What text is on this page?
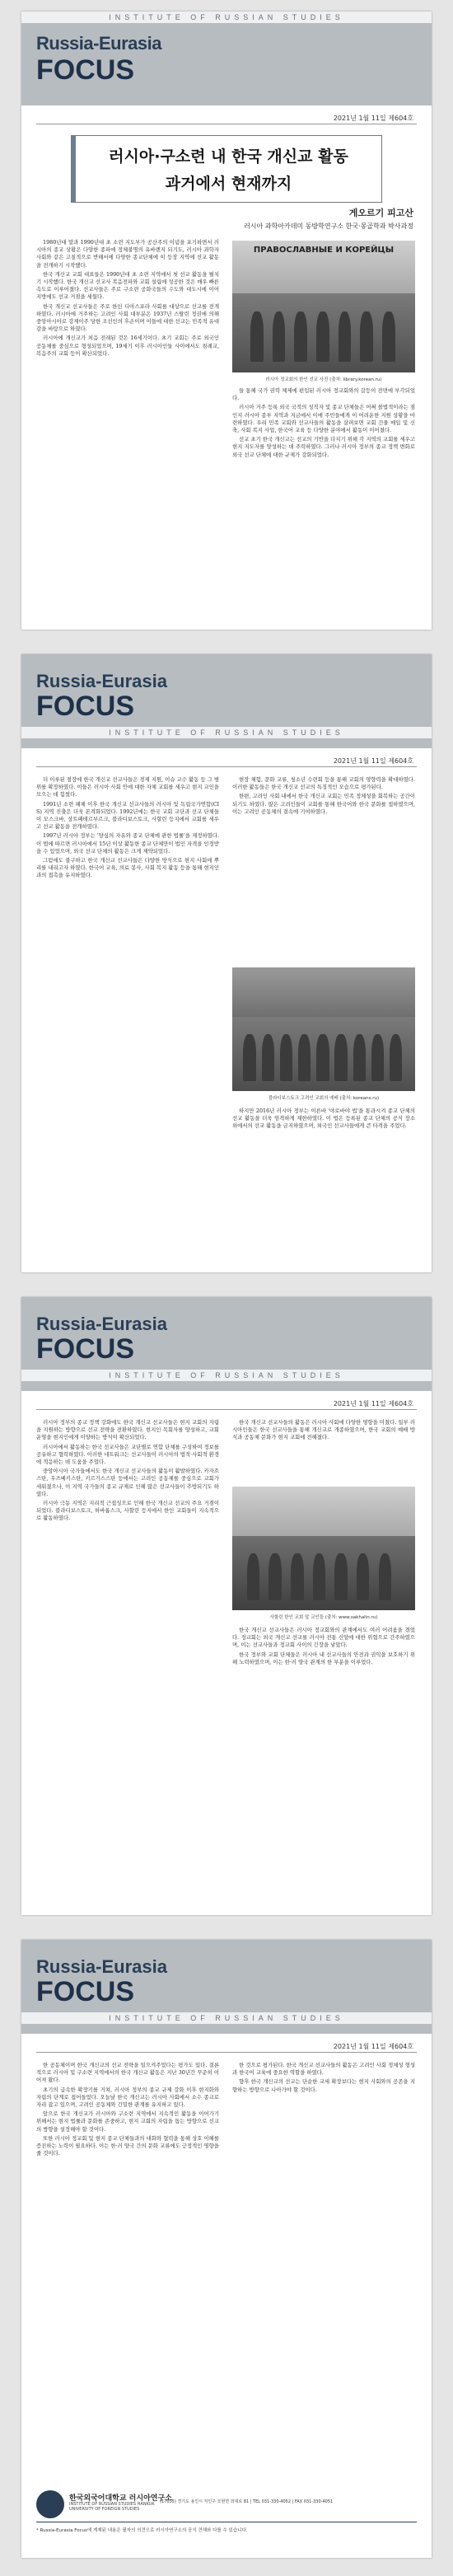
INSTITUTE OF RUSSIAN STUDIES
Russia-Eurasia
FOCUS
2021년 1월 11일 제604호
러시아·구소련 내 한국 개신교 활동
과거에서 현재까지
게오르기 피고산
러시아 과학아카데미 동방학연구소 한국·몽골학과 박사과정

1980년대 말과 1990년대 초 소련 지도부가 공산주의 이념을 포기하면서 러시아의 종교 상황은 다양한 종파에 정체불명의 유바렌지 되기도, 러시아 과학자 사회와 같은 고질적으로 반해서에 다양한 종교단체에 이 등장 지역에 선교 활동을 전개하기 시작했다.

한국 개신교 교회 대표들은 1990년대 초 소련 지역에서 첫 선교 활동을 펼치기 시작했다. 한국 개신교 선교사 복음전파와 교회 설립에 성공한 것은 매우 빠른 속도로 이루어졌다. 선교사들은 주로 구소련 공화국들의 수도와 대도시에 이어 지방에도 선교 거점을 세웠다.

한국 개신교 선교사들은 주로 한인 디아스포라 사회를 대상으로 선교를 전개하였다. 러시아에 거주하는 고려인 사회 대부분은 1937년 스탈린 정권에 의해 중앙아시아로 강제이주 당한 조선인의 후손이며 이들에 대한 선교는 민족적 유대감을 바탕으로 하였다.

러시아에 개신교가 처음 전래된 것은 16세기이다. 초기 교회는 주로 외국인 공동체를 중심으로 형성되었으며, 19세기 이후 러시아인들 사이에서도 침례교, 복음주의 교회 등이 확산되었다.

ПРАВОСЛАВНЫЕ И КОРЕЙЦЫ
러시아 정교회의 한인 선교 사진 (출처: library.korean.ru)

들 통해 국가 권력 체제에 편입된 러시아 정교회와의 갈등이 전면에 부각되었다.

러시아 거주 등록 외국 국적의 성직자 및 종교 단체들은 어쩌 볼법적이라는 점인지 러시아 종부 지역과 지금에서 이에 주민들에게 이 어려운한 지원 상황을 마련하였다. 우리 민족 교회와 선교사들의 활동을 살펴보면 교회 건물 매입 및 신축, 사회 복지 사업, 한국어 교육 등 다양한 분야에서 활동이 이어졌다.

선교 초기 한국 개신교는 선교의 기반을 다지기 위해 각 지역의 교회를 세우고 현지 지도자를 양성하는 데 주력하였다. 그러나 러시아 정부의 종교 정책 변화로 외국 선교 단체에 대한 규제가 강화되었다.

Russia-Eurasia
FOCUS
INSTITUTE OF RUSSIAN STUDIES
2021년 1월 11일 제604호

더 이루된 점장에 한국 개신교 선교사들은 경제 지원, 이슈 교수 활동 등 그 범위를 확장하였다. 이들은 러시아 사회 안에 대한 자체 교회를 세우고 현지 교인을 모으는 데 힘썼다.

1991년 소련 해체 이후 한국 개신교 선교사들의 러시아 및 독립국가연합(CIS) 지역 진출은 더욱 본격화되었다. 1992년에는 한국 교회 교단과 선교 단체들이 모스크바, 상트페테르부르크, 블라디보스토크, 사할린 등지에서 교회를 세우고 선교 활동을 전개하였다.

1997년 러시아 정부는 '양심의 자유와 종교 단체에 관한 법률'을 제정하였다. 이 법에 따르면 러시아에서 15년 이상 활동한 종교 단체만이 법인 자격을 인정받을 수 있었으며, 외국 선교 단체의 활동은 크게 제약되었다.

그럼에도 불구하고 한국 개신교 선교사들은 다양한 방식으로 현지 사회에 뿌리를 내리고자 하였다. 한국어 교육, 의료 봉사, 사회 복지 활동 등을 통해 현지인과의 접촉을 유지하였다.

현장 체험, 문화 교류, 청소년 수련회 등을 통해 교회의 영향력을 확대하였다. 이러한 활동들은 한국 개신교 선교의 특징적인 모습으로 평가된다.

한편, 고려인 사회 내에서 한국 개신교 교회는 민족 정체성을 회복하는 공간이 되기도 하였다. 많은 고려인들이 교회를 통해 한국어와 한국 문화를 접하였으며, 이는 고려인 공동체의 결속에 기여하였다.

블라디보스토크 고려인 교회의 예배 (출처: koreans.ru)

하지만 2016년 러시아 정부는 이른바 '야로바야 법'을 통과시켜 종교 단체의 선교 활동을 더욱 엄격하게 제한하였다. 이 법은 등록된 종교 단체의 공식 장소 외에서의 선교 활동을 금지하였으며, 외국인 선교사들에게 큰 타격을 주었다.

Russia-Eurasia
FOCUS
INSTITUTE OF RUSSIAN STUDIES
2021년 1월 11일 제604호

러시아 정부의 종교 정책 강화에도 한국 개신교 선교사들은 현지 교회의 자립을 지원하는 방향으로 선교 전략을 전환하였다. 현지인 목회자를 양성하고, 교회 운영을 현지인에게 이양하는 방식이 확산되었다.

러시아에서 활동하는 한국 선교사들은 교단별로 연합 단체를 구성하여 정보를 공유하고 협력하였다. 이러한 네트워크는 선교사들이 러시아의 법적·사회적 환경에 적응하는 데 도움을 주었다.

중앙아시아 국가들에서도 한국 개신교 선교사들의 활동이 활발하였다. 카자흐스탄, 우즈베키스탄, 키르기스스탄 등에서는 고려인 공동체를 중심으로 교회가 세워졌으나, 이 지역 국가들의 종교 규제로 인해 많은 선교사들이 추방되기도 하였다.

러시아 극동 지역은 지리적 근접성으로 인해 한국 개신교 선교의 주요 거점이 되었다. 블라디보스토크, 하바롭스크, 사할린 등지에서 한인 교회들이 지속적으로 활동하였다.

한국 개신교 선교사들의 활동은 러시아 사회에 다양한 영향을 미쳤다. 일부 러시아인들은 한국 선교사들을 통해 개신교로 개종하였으며, 한국 교회의 예배 방식과 공동체 문화가 현지 교회에 전해졌다.

사할린 한인 교회 앞 교인들 (출처: www.sakhalin.ru)

한국 개신교 선교사들은 러시아 정교회와의 관계에서도 여러 어려움을 겪었다. 정교회는 외국 개신교 선교를 러시아 전통 신앙에 대한 위협으로 간주하였으며, 이는 선교사들과 정교회 사이의 긴장을 낳았다.

한국 정부와 교회 단체들은 러시아 내 선교사들의 안전과 권익을 보호하기 위해 노력하였으며, 이는 한·러 양국 관계의 한 부분을 이루었다.

Russia-Eurasia
FOCUS
INSTITUTE OF RUSSIAN STUDIES
2021년 1월 11일 제604호

한 공동체이며 한국 개신교의 선교 전략을 일으켜주었다는 평가도 있다. 결론적으로 러시아 및 구소련 지역에서의 한국 개신교 활동은 지난 30년간 꾸준히 이어져 왔다.

초기의 급속한 확장기를 거쳐, 러시아 정부의 종교 규제 강화 이후 현지화와 자립의 단계로 접어들었다. 오늘날 한국 개신교는 러시아 사회에서 소수 종교로 자리 잡고 있으며, 고려인 공동체와 긴밀한 관계를 유지하고 있다.

앞으로 한국 개신교가 러시아와 구소련 지역에서 지속적인 활동을 이어가기 위해서는 현지 법률과 문화를 존중하고, 현지 교회의 자립을 돕는 방향으로 선교의 방향을 설정해야 할 것이다.

또한 러시아 정교회 및 현지 종교 단체들과의 대화와 협력을 통해 상호 이해를 증진하는 노력이 필요하다. 이는 한·러 양국 간의 문화 교류에도 긍정적인 영향을 줄 것이다.

한 것으로 평가된다. 한국 개신교 선교사들의 활동은 고려인 사회 정체성 형성과 한국어 교육에 중요한 역할을 하였다.

향후 한국 개신교의 선교는 단순한 교세 확장보다는 현지 사회와의 공존을 지향하는 방향으로 나아가야 할 것이다.

한국외국어대학교 러시아연구소
INSTITUTE OF RUSSIAN STUDIES HANKUK UNIVERSITY OF FOREIGN STUDIES
(17035) 경기도 용인시 처인구 모현면 외대로 81 | TEL 031-330-4052 | FAX 031-330-4051
* Russia-Eurasia Focus에 게재된 내용은 필자의 의견으로 러시아연구소의 공식 견해와 다를 수 있습니다.
